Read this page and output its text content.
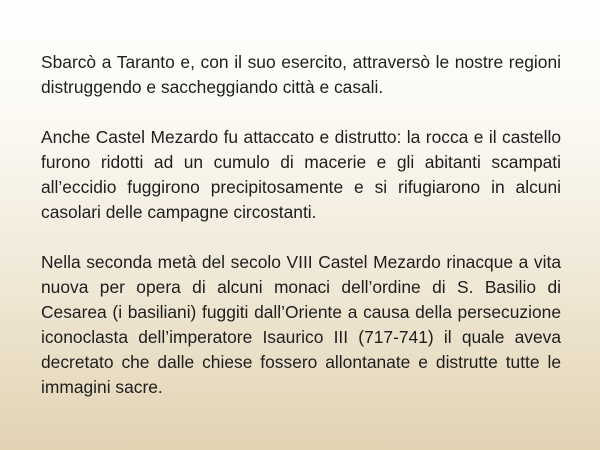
Sbarcò a Taranto e, con il suo esercito, attraversò le nostre regioni distruggendo e saccheggiando città e casali.

Anche Castel Mezardo fu attaccato e distrutto: la rocca e il castello furono ridotti ad un cumulo di macerie e gli abitanti scampati all’eccidio fuggirono precipitosamente e si rifugiarono in alcuni casolari delle campagne circostanti.

Nella seconda metà del secolo VIII Castel Mezardo rinacque a vita nuova per opera di alcuni monaci dell’ordine di S. Basilio di Cesarea (i basiliani) fuggiti dall’Oriente a causa della persecuzione iconoclasta dell’imperatore Isaurico III (717-741) il quale aveva decretato che dalle chiese fossero allontanate e distrutte tutte le immagini sacre.
